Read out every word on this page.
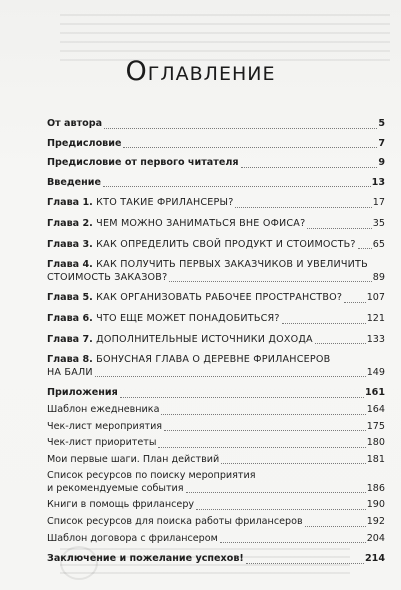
Оглавление
От автора	5
Предисловие	7
Предисловие от первого читателя	9
Введение	13
Глава 1. КТО ТАКИЕ ФРИЛАНСЕРЫ?	17
Глава 2. ЧЕМ МОЖНО ЗАНИМАТЬСЯ ВНЕ ОФИСА?	35
Глава 3. КАК ОПРЕДЕЛИТЬ СВОЙ ПРОДУКТ И СТОИМОСТЬ? 65
Глава 4. КАК ПОЛУЧИТЬ ПЕРВЫХ ЗАКАЗЧИКОВ И УВЕЛИЧИТЬ
СТОИМОСТЬ ЗАКАЗОВ?	89
Глава 5. КАК ОРГАНИЗОВАТЬ РАБОЧЕЕ ПРОСТРАНСТВО?	107
Глава 6. ЧТО ЕЩЕ МОЖЕТ ПОНАДОБИТЬСЯ?	121
Глава 7. ДОПОЛНИТЕЛЬНЫЕ ИСТОЧНИКИ ДОХОДА	133
Глава 8. БОНУСНАЯ ГЛАВА О ДЕРЕВНЕ ФРИЛАНСЕРОВ
НА БАЛИ	149
Приложения	161
Шаблон ежедневника	164
Чек-лист мероприятия	175
Чек-лист приоритеты	180
Мои первые шаги. План действий	181
Список ресурсов по поиску мероприятия
и рекомендуемые события	186
Книги в помощь фрилансеру	190
Список ресурсов для поиска работы фрилансеров	192
Шаблон договора с фрилансером	204
Заключение и пожелание успехов!	214
